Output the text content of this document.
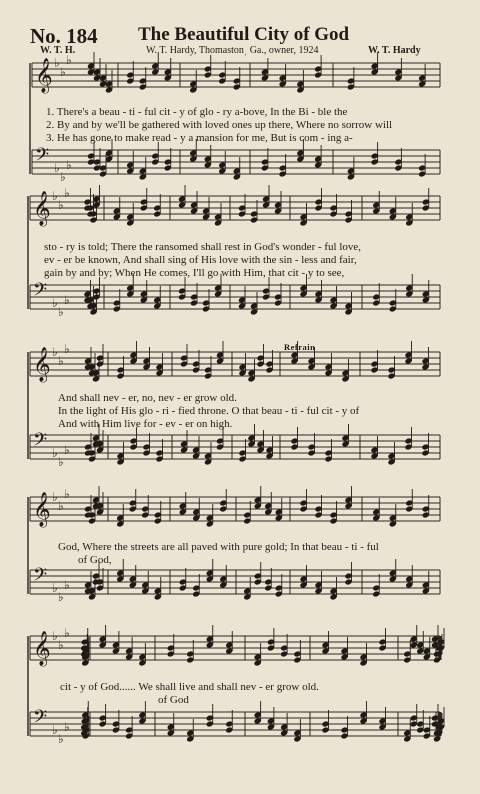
No. 184 The Beautiful City of God
W. T. H.	W. T. Hardy, Thomastonˌ Ga., owner, 1924	W. T. Hardy
𝄞 ♭
♭
♭
𝄢 ♭
♭
♭
𝄞 ♭
♭
♭
𝄢 ♭
♭
♭
𝄞 ♭
♭
♭
𝄢 ♭
♭
♭
𝄞 ♭
♭
♭
𝄢 ♭
♭
♭
𝄞 ♭
♭
♭
𝄢 ♭
♭
♭
Refrain
1. There's a beau - ti - ful cit - y of glo - ry a-bove, In the Bi - ble the
2. By and by we'll be gathered with loved ones up there, Where no sorrow will
3. He has gone to make read - y a mansion for me, But is com - ing a-
sto - ry is told; There the ransomed shall rest in God's wonder - ful love,
ev - er be known, And shall sing of His love with the sin - less and fair,
gain by and by; When He comes, I'll go with Him, that cit - y to see,
And shall nev - er, no, nev - er grow old.
In the light of His glo - ri - fied throne. O that beau - ti - ful cit - y of
And with Him live for - ev - er on high.
God, Where the streets are all paved with pure gold; In that beau - ti - ful
of God,
cit - y of God...... We shall live and shall nev - er grow old.
of God
